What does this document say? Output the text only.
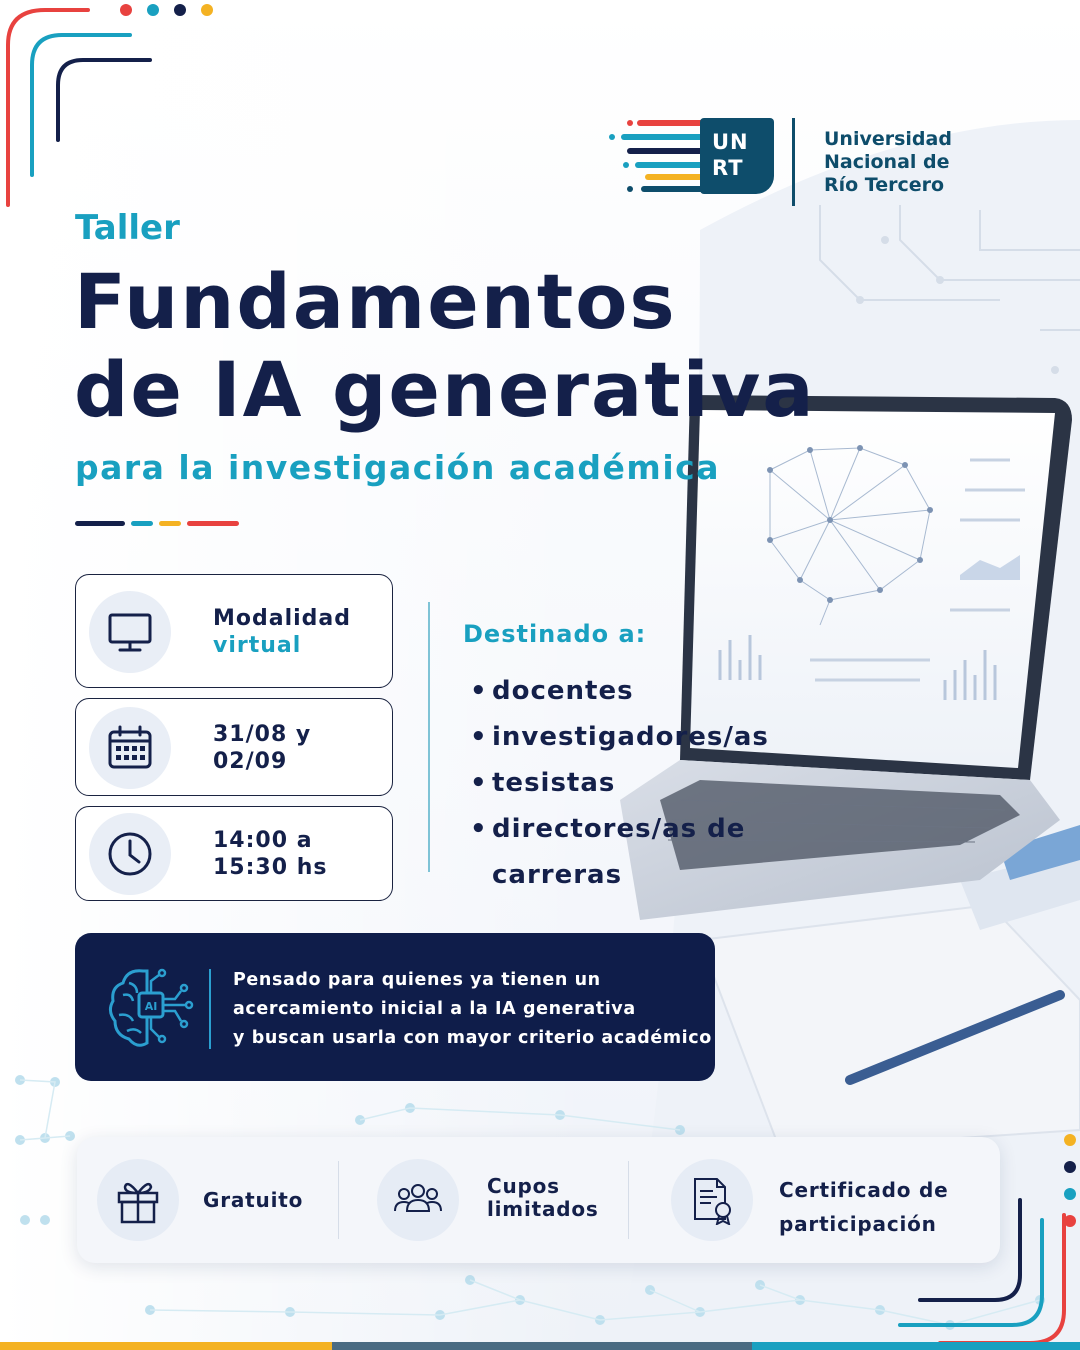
UN
RT
Universidad
Nacional de
Río Tercero
Taller
Fundamentos
de IA generativa
para la investigación académica
Modalidad
virtual
31/08 y
02/09
14:00 a
15:30 hs
Destinado a:
• docentes
• investigadores/as
• tesistas
• directores/as de
carreras
AI
Pensado para quienes ya tienen un
acercamiento inicial a la IA generativa
y buscan usarla con mayor criterio académico
Gratuito
Cupos
limitados
Certificado de
participación
